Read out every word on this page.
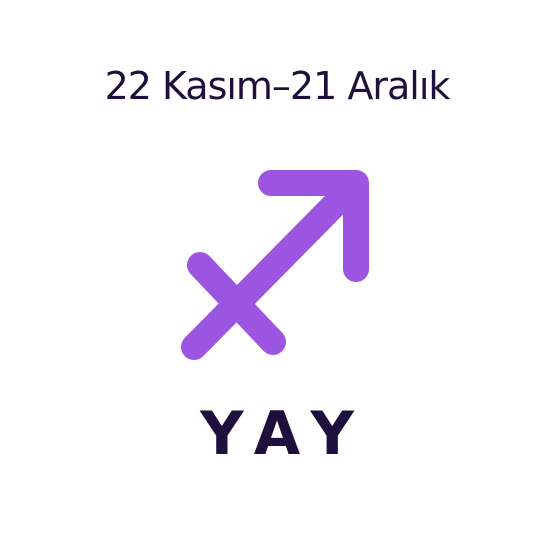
22 Kasım–21 Aralık
YAY
